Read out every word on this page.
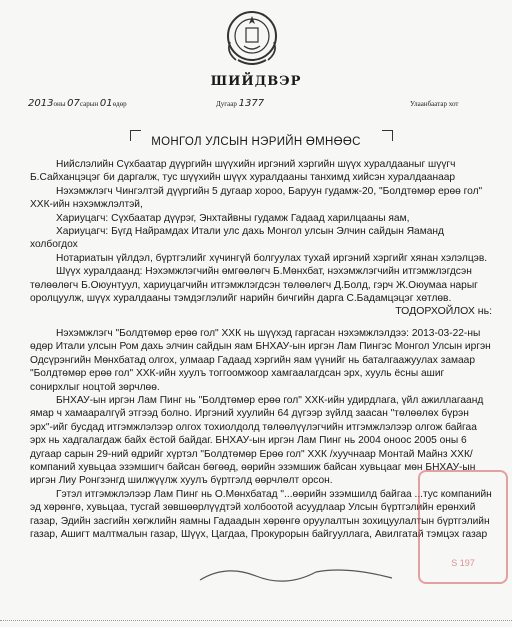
ШИЙДВЭР
2013оны 07сарын 01өдөр	Дугаар 1377	Улаанбаатар хот
МОНГОЛ УЛСЫН НЭРИЙН ӨМНӨӨС

Нийслэлийн Сүхбаатар дүүргийн шүүхийн иргэний хэргийн шүүх хуралдааныг шүүгч Б.Сайханцэцэг би даргалж, тус шүүхийн шүүх хуралдааны танхимд хийсэн хуралдаанаар

Нэхэмжлэгч Чингэлтэй дүүргийн 5 дугаар хороо, Баруун гудамж-20, "Болдтөмөр ерөө гол" ХХК-ийн нэхэмжлэлтэй,

Хариуцагч: Сүхбаатар дүүрэг, Энхтайвны гудамж Гадаад харилцааны яам,

Хариуцагч: Бүгд Найрамдах Итали улс дахь Монгол улсын Элчин сайдын Яаманд холбогдох

Нотариатын үйлдэл, бүртгэлийг хүчингүй болгуулах тухай иргэний хэргийг хянан хэлэлцэв.

Шүүх хуралдаанд: Нэхэмжлэгчийн өмгөөлөгч Б.Мөнхбат, нэхэмжлэгчийн итгэмжлэгдсэн төлөөлөгч Б.Оюунтуул, хариуцагчийн итгэмжлэгдсэн төлөөлөгч Д.Болд, гэрч Ж.Оюумаа нарыг оролцуулж, шүүх хуралдааны тэмдэглэлийг нарийн бичгийн дарга С.Бадамцэцэг хөтлөв.

ТОДОРХОЙЛОХ нь:

Нэхэмжлэгч "Болдтөмөр ерөө гол" ХХК нь шүүхэд гаргасан нэхэмжлэлдээ: 2013-03-22-ны өдөр Итали улсын Ром дахь элчин сайдын яам БНХАУ-ын иргэн Лам Пингэс Монгол Улсын иргэн Одсүрэнгийн Мөнхбатад олгох, улмаар Гадаад хэргийн яам үүнийг нь баталгаажуулах замаар "Болдтөмөр ерөө гол" ХХК-ийн хуулъ тоггоомжоор хамгаалагдсан эрх, хууль ёсны ашиг сонирхлыг ноцтой зөрчлөө.

БНХАУ-ын иргэн Лам Пинг нь "Болдтөмөр ерөө гол" ХХК-ийн удирдлага, үйл ажиллагаанд ямар ч хамааралгүй этгээд болно. Иргэний хуулийн 64 дүгээр зүйлд заасан "төлөөлөх бүрэн эрх"-ийг бусдад итгэмжлэлээр олгох тохиолдолд төлөөлүүлэгчийн итгэмжлэлээр олгож байгаа эрх нь хадгалагдаж байх ёстой байдаг. БНХАУ-ын иргэн Лам Пинг нь 2004 оноос 2005 оны 6 дугаар сарын 29-ний өдрийг хүртэл "Болдтөмөр Ерөө гол" ХХК /хуучнаар Монтай Майнз ХХК/ компаний хувьцаа эзэмшигч байсан бөгөөд, өөрийн эзэмшиж байсан хувьцааг мөн БНХАУ-ын иргэн Лиу Ронгзэнгд шилжүүлж хуулъ бүртгэлд өөрчлөлт орсон.

Гэтэл итгэмжлэлээр Лам Пинг нь О.Мөнхбатад "...өөрийн эзэмшилд байгаа ...тус компанийн эд хөрөнгө, хувьцаа, тусгай зөвшөөрлүүдтэй холбоотой асуудлаар Улсын бүртгэлийн ерөнхий газар, Эдийн засгийн хөгжлийн яамны Гадаадын хөрөнгө оруулалтын зохицуулалтын бүртгэлийн газар, Ашигт малтмалын газар, Шүүх, Цагдаа, Прокурорын байгууллага, Авилгатай тэмцэх газар

S 197
